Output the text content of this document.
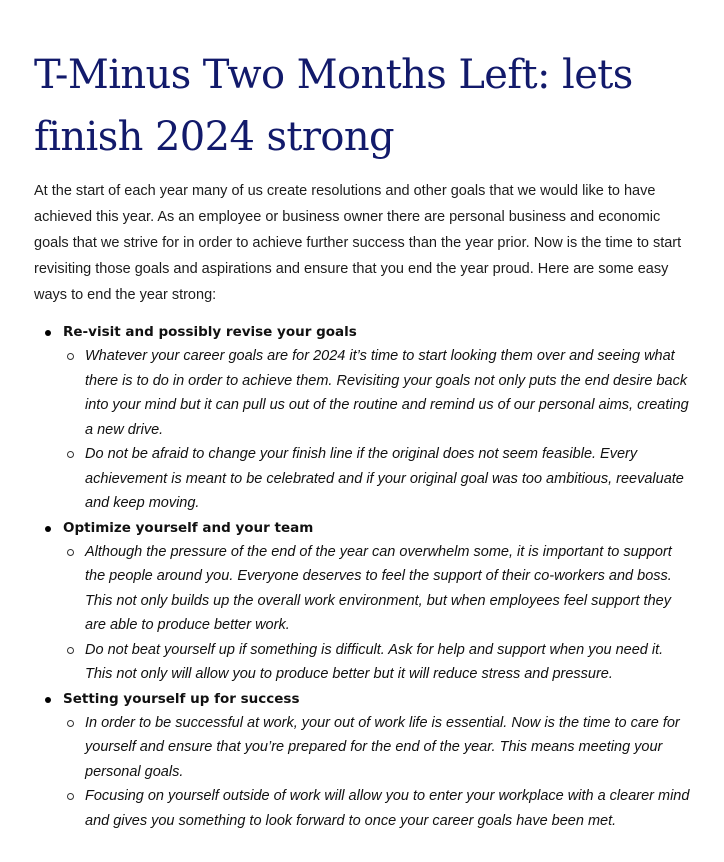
T-Minus Two Months Left: lets finish 2024 strong

At the start of each year many of us create resolutions and other goals that we would like to have achieved this year. As an employee or business owner there are personal business and economic goals that we strive for in order to achieve further success than the year prior. Now is the time to start revisiting those goals and aspirations and ensure that you end the year proud. Here are some easy ways to end the year strong:

Re-visit and possibly revise your goals
Whatever your career goals are for 2024 it’s time to start looking them over and seeing what there is to do in order to achieve them. Revisiting your goals not only puts the end desire back into your mind but it can pull us out of the routine and remind us of our personal aims, creating a new drive.
Do not be afraid to change your finish line if the original does not seem feasible. Every achievement is meant to be celebrated and if your original goal was too ambitious, reevaluate and keep moving.
Optimize yourself and your team
Although the pressure of the end of the year can overwhelm some, it is important to support the people around you. Everyone deserves to feel the support of their co-workers and boss. This not only builds up the overall work environment, but when employees feel support they are able to produce better work.
Do not beat yourself up if something is difficult. Ask for help and support when you need it. This not only will allow you to produce better but it will reduce stress and pressure.
Setting yourself up for success
In order to be successful at work, your out of work life is essential. Now is the time to care for yourself and ensure that you’re prepared for the end of the year. This means meeting your personal goals.
Focusing on yourself outside of work will allow you to enter your workplace with a clearer mind and gives you something to look forward to once your career goals have been met.
